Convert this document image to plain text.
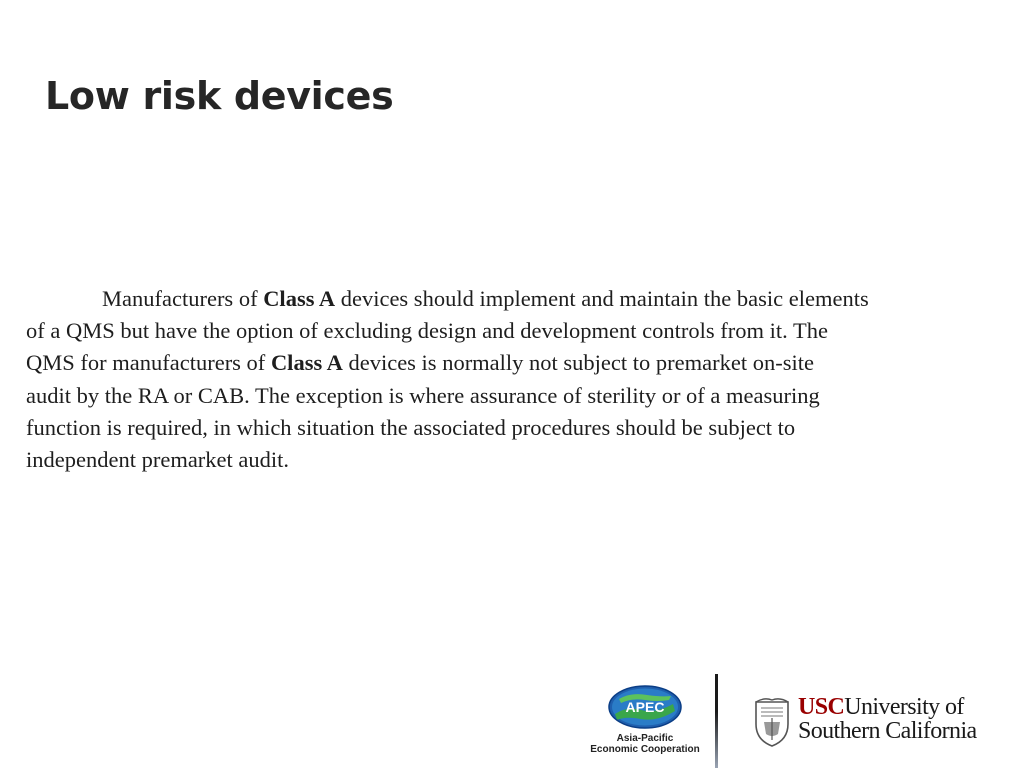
Low risk devices

Manufacturers of Class A devices should implement and maintain the basic elements
of a QMS but have the option of excluding design and development controls from it. The
QMS for manufacturers of Class A devices is normally not subject to premarket on-site
audit by the RA or CAB. The exception is where assurance of sterility or of a measuring
function is required, in which situation the associated procedures should be subject to
independent premarket audit.

APEC
Asia-Pacific
Economic Cooperation
USCUniversity of
Southern California
